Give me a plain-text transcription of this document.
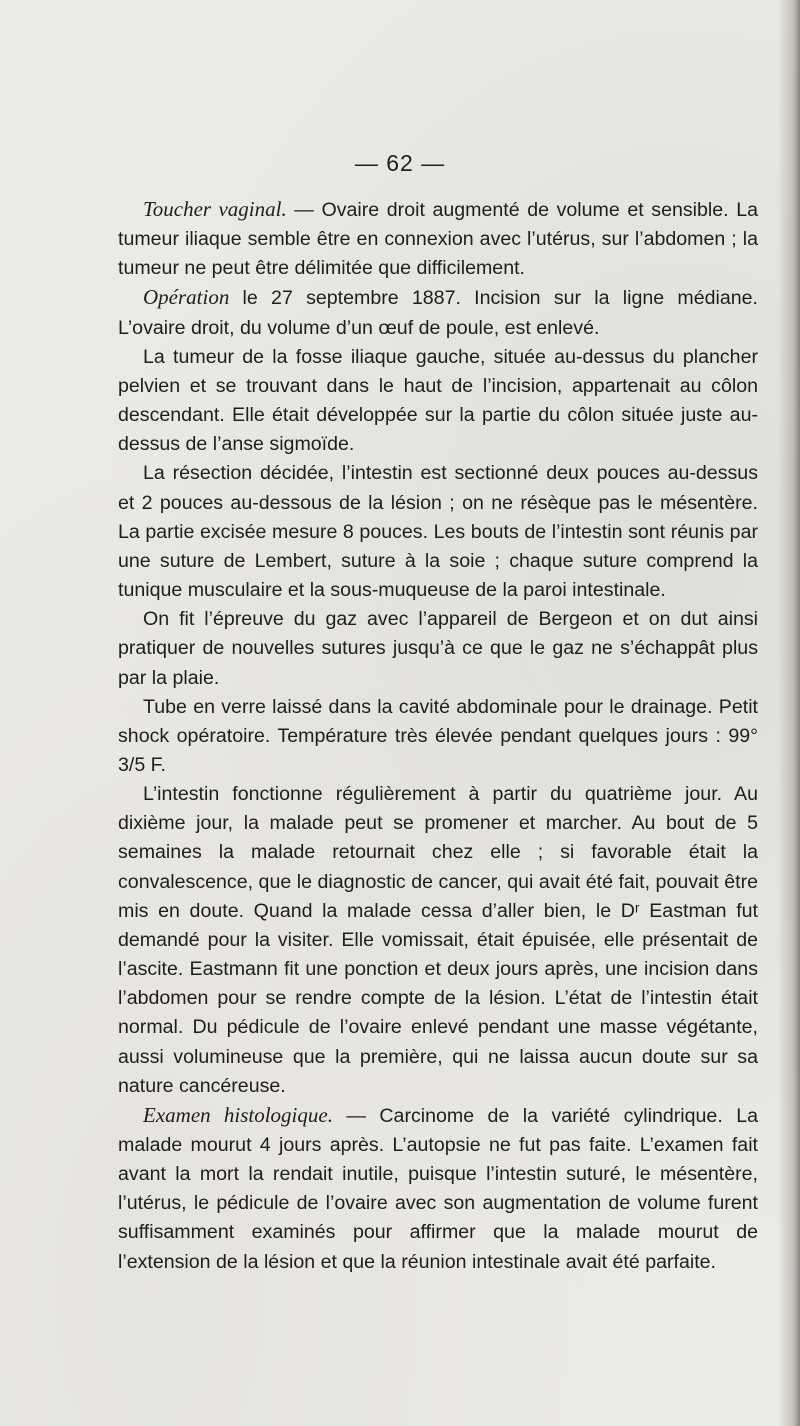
— 62 —

Toucher vaginal. — Ovaire droit augmenté de volume et sensible. La tumeur iliaque semble être en connexion avec l’utérus, sur l’abdomen ; la tumeur ne peut être délimitée que difficilement.

Opération le 27 septembre 1887. Incision sur la ligne médiane. L’ovaire droit, du volume d’un œuf de poule, est enlevé.

La tumeur de la fosse iliaque gauche, située au-dessus du plancher pelvien et se trouvant dans le haut de l’incision, appartenait au côlon descendant. Elle était développée sur la partie du côlon située juste au-dessus de l’anse sigmoïde.

La résection décidée, l’intestin est sectionné deux pouces au-dessus et 2 pouces au-dessous de la lésion ; on ne résèque pas le mésentère. La partie excisée mesure 8 pouces. Les bouts de l’intestin sont réunis par une suture de Lembert, suture à la soie ; chaque suture comprend la tunique musculaire et la sous-muqueuse de la paroi intestinale.

On fit l’épreuve du gaz avec l’appareil de Bergeon et on dut ainsi pratiquer de nouvelles sutures jusqu’à ce que le gaz ne s’échappât plus par la plaie.

Tube en verre laissé dans la cavité abdominale pour le drainage. Petit shock opératoire. Température très élevée pendant quelques jours : 99° 3/5 F.

L’intestin fonctionne régulièrement à partir du quatrième jour. Au dixième jour, la malade peut se promener et marcher. Au bout de 5 semaines la malade retournait chez elle ; si favorable était la convalescence, que le diagnostic de cancer, qui avait été fait, pouvait être mis en doute. Quand la malade cessa d’aller bien, le Dʳ Eastman fut demandé pour la visiter. Elle vomissait, était épuisée, elle présentait de l’ascite. Eastmann fit une ponction et deux jours après, une incision dans l’abdomen pour se rendre compte de la lésion. L’état de l’intestin était normal. Du pédicule de l’ovaire enlevé pendant une masse végétante, aussi volumineuse que la première, qui ne laissa aucun doute sur sa nature cancéreuse.

Examen histologique. — Carcinome de la variété cylindrique. La malade mourut 4 jours après. L’autopsie ne fut pas faite. L’examen fait avant la mort la rendait inutile, puisque l’intestin suturé, le mésentère, l’utérus, le pédicule de l’ovaire avec son augmentation de volume furent suffisamment examinés pour affirmer que la malade mourut de l’extension de la lésion et que la réunion intestinale avait été parfaite.
